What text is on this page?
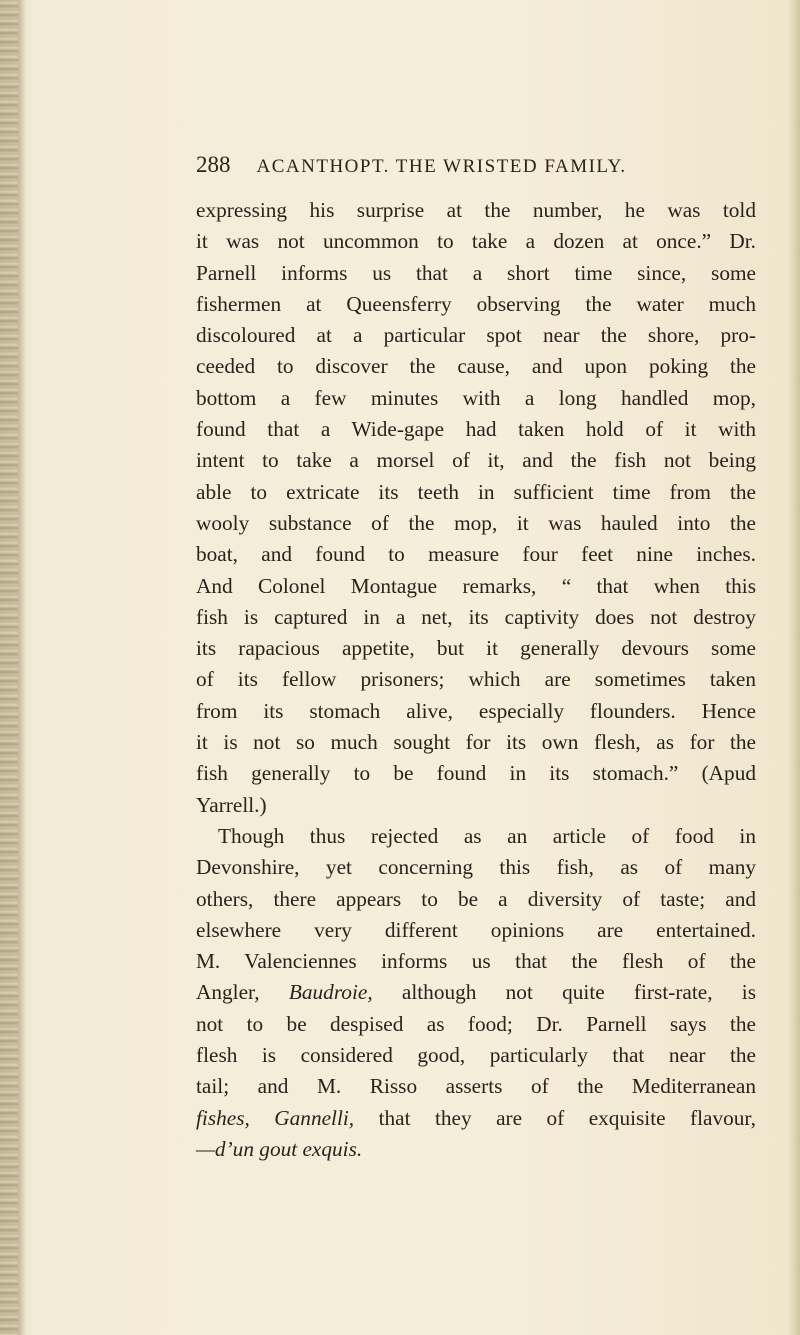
288 ACANTHOPT. THE WRISTED FAMILY.
expressing his surprise at the number, he was told
it was not uncommon to take a dozen at once.” Dr.
Parnell informs us that a short time since, some
fishermen at Queensferry observing the water much
discoloured at a particular spot near the shore, pro-
ceeded to discover the cause, and upon poking the
bottom a few minutes with a long handled mop,
found that a Wide-gape had taken hold of it with
intent to take a morsel of it, and the fish not being
able to extricate its teeth in sufficient time from the
wooly substance of the mop, it was hauled into the
boat, and found to measure four feet nine inches.
And Colonel Montague remarks, “ that when this
fish is captured in a net, its captivity does not destroy
its rapacious appetite, but it generally devours some
of its fellow prisoners; which are sometimes taken
from its stomach alive, especially flounders. Hence
it is not so much sought for its own flesh, as for the
fish generally to be found in its stomach.” (Apud
Yarrell.)
Though thus rejected as an article of food in
Devonshire, yet concerning this fish, as of many
others, there appears to be a diversity of taste; and
elsewhere very different opinions are entertained.
M. Valenciennes informs us that the flesh of the
Angler, Baudroie, although not quite first-rate, is
not to be despised as food; Dr. Parnell says the
flesh is considered good, particularly that near the
tail; and M. Risso asserts of the Mediterranean
fishes, Gannelli, that they are of exquisite flavour,
—d’un gout exquis.
